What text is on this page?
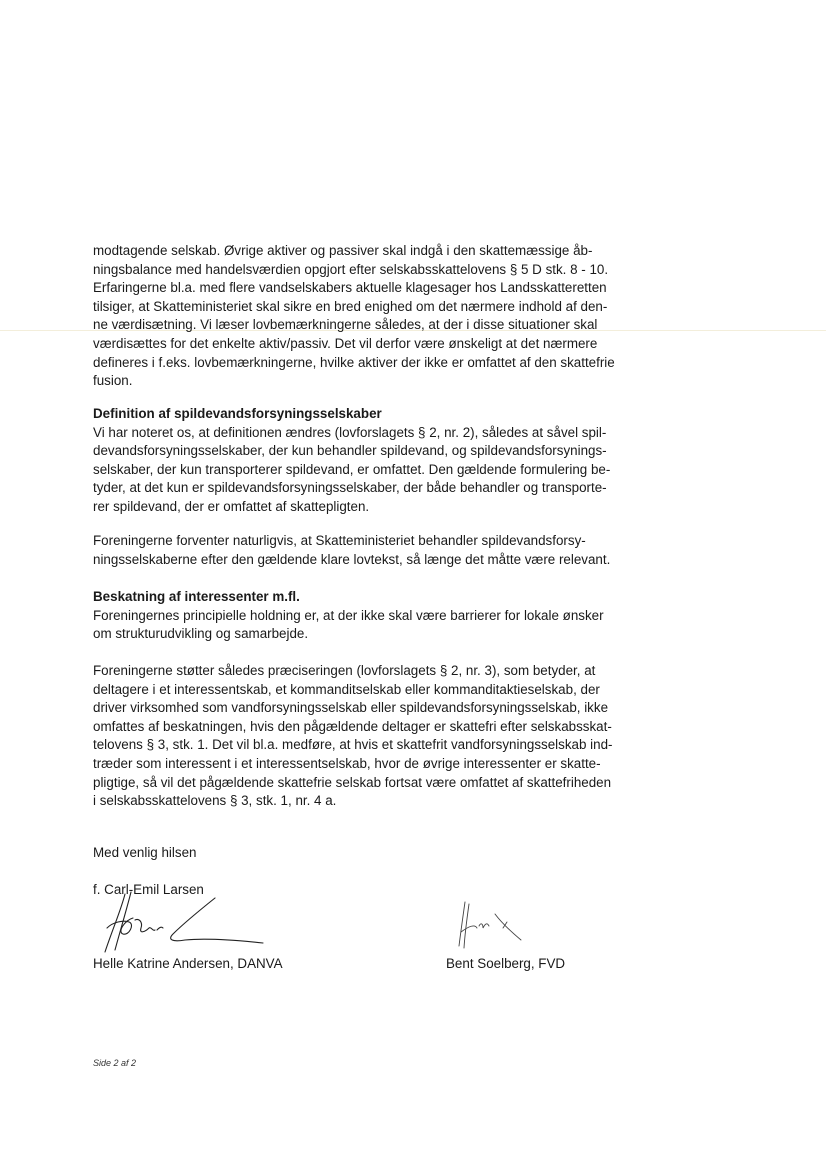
modtagende selskab. Øvrige aktiver og passiver skal indgå i den skattemæssige åb-
ningsbalance med handelsværdien opgjort efter selskabsskattelovens § 5 D stk. 8 - 10.
Erfaringerne bl.a. med flere vandselskabers aktuelle klagesager hos Landsskatteretten
tilsiger, at Skatteministeriet skal sikre en bred enighed om det nærmere indhold af den-
ne værdisætning. Vi læser lovbemærkningerne således, at der i disse situationer skal
værdisættes for det enkelte aktiv/passiv. Det vil derfor være ønskeligt at det nærmere
defineres i f.eks. lovbemærkningerne, hvilke aktiver der ikke er omfattet af den skattefrie
fusion.
Definition af spildevandsforsyningsselskaber
Vi har noteret os, at definitionen ændres (lovforslagets § 2, nr. 2), således at såvel spil-
devandsforsyningsselskaber, der kun behandler spildevand, og spildevandsforsynings-
selskaber, der kun transporterer spildevand, er omfattet. Den gældende formulering be-
tyder, at det kun er spildevandsforsyningsselskaber, der både behandler og transporte-
rer spildevand, der er omfattet af skattepligten.
Foreningerne forventer naturligvis, at Skatteministeriet behandler spildevandsforsy-
ningsselskaberne efter den gældende klare lovtekst, så længe det måtte være relevant.
Beskatning af interessenter m.fl.
Foreningernes principielle holdning er, at der ikke skal være barrierer for lokale ønsker
om strukturudvikling og samarbejde.
Foreningerne støtter således præciseringen (lovforslagets § 2, nr. 3), som betyder, at
deltagere i et interessentskab, et kommanditselskab eller kommanditaktieselskab, der
driver virksomhed som vandforsyningsselskab eller spildevandsforsyningsselskab, ikke
omfattes af beskatningen, hvis den pågældende deltager er skattefri efter selskabsskat-
telovens § 3, stk. 1. Det vil bl.a. medføre, at hvis et skattefrit vandforsyningsselskab ind-
træder som interessent i et interessentselskab, hvor de øvrige interessenter er skatte-
pligtige, så vil det pågældende skattefrie selskab fortsat være omfattet af skattefriheden
i selskabsskattelovens § 3, stk. 1, nr. 4 a.
Med venlig hilsen
f. Carl-Emil Larsen
Helle Katrine Andersen, DANVA	Bent Soelberg, FVD
Side 2 af 2
